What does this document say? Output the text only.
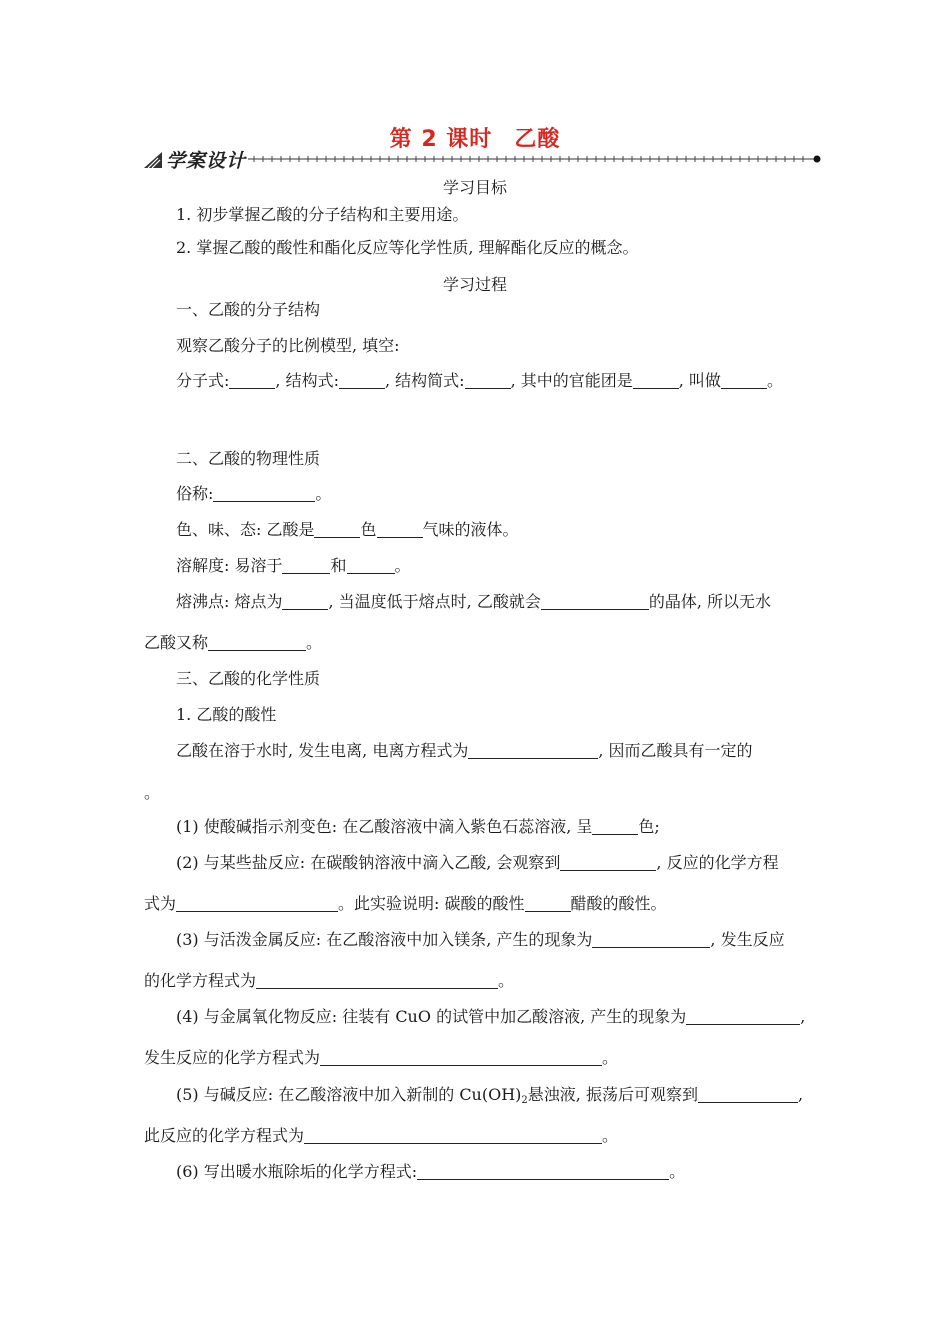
第 2 课时 乙酸
学案设计
学习目标
1. 初步掌握乙酸的分子结构和主要用途。
2. 掌握乙酸的酸性和酯化反应等化学性质, 理解酯化反应的概念。
学习过程
一、乙酸的分子结构
观察乙酸分子的比例模型, 填空:
分子式:	, 结构式:	, 结构简式:	, 其中的官能团是	, 叫做	。
二、乙酸的物理性质
俗称:	。
色、味、态: 乙酸是	色	气味的液体。
溶解度: 易溶于	和	。
熔沸点: 熔点为	, 当温度低于熔点时, 乙酸就会	的晶体, 所以无水
乙酸又称	。
三、乙酸的化学性质
1. 乙酸的酸性
乙酸在溶于水时, 发生电离, 电离方程式为	, 因而乙酸具有一定的
。
(1) 使酸碱指示剂变色: 在乙酸溶液中滴入紫色石蕊溶液, 呈	色;
(2) 与某些盐反应: 在碳酸钠溶液中滴入乙酸, 会观察到	, 反应的化学方程
式为	。此实验说明: 碳酸的酸性	醋酸的酸性。
(3) 与活泼金属反应: 在乙酸溶液中加入镁条, 产生的现象为	, 发生反应
的化学方程式为	。
(4) 与金属氧化物反应: 往装有 CuO 的试管中加乙酸溶液, 产生的现象为	,
发生反应的化学方程式为	。
(5) 与碱反应: 在乙酸溶液中加入新制的 $Cu(OH)_2$悬浊液, 振荡后可观察到	,
此反应的化学方程式为	。
(6) 写出暖水瓶除垢的化学方程式:	。
